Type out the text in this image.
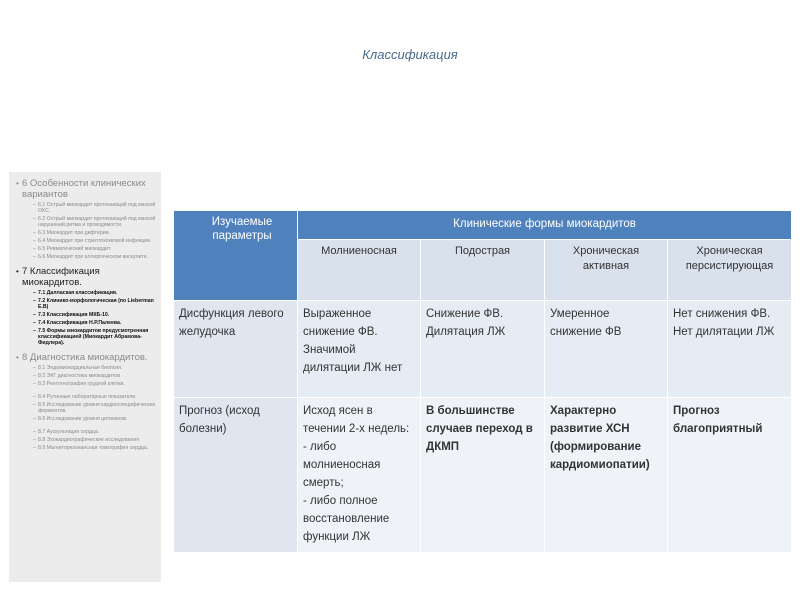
Классификация
• 6 Особенности клинических вариантов
– 6.1 Острый миокардит протекающий под маской ОКС.
– 6.2 Острый миокардит протекающий под маской нарушений ритма и проводимости.
– 6.3 Миокардит при дифтерии.
– 6.4 Миокардит при стрептококковой инфекции.
– 6.5 Ревматический миокардит.
– 6.6 Миокардит при аллергическом васкулите.
• 7 Классификация миокардитов.
– 7.1 Даллаская классификация.
– 7.2 Клинико-морфологическая (по Lieberman E.B)
– 7.3 Классификация МКБ-10.
– 7.4 Классификация Н.Р.Палеева.
– 7.5 Формы миокардитов предусмотренная классификацией (Миокардит Абрамова-Фидлера).
• 8 Диагностика миокардитов.
– 8.1 Эндомиокардиальная биопсия.
– 8.2 ЭКГ диагностика миокардитов
– 8.3 Рентгенография грудной клетки.
– 8.4 Рутинные лабораторные показатели.
– 8.5 Исследование уровня кардиоспецифических ферментов.
– 8.6 Исследование уровня цитокинов.
– 8.7 Аускультация сердца.
– 8.8 Эхокардиографические исследования
– 8.9 Магниторезонансная томография сердца.
Изучаемые параметры	Клинические формы миокардитов			
	Молниеносная	Подострая	Хроническая активная	Хроническая персистирующая
Дисфункция левого желудочка	Выраженное снижение ФВ. Значимой дилятации ЛЖ нет	Снижение ФВ. Дилятация ЛЖ	Умеренное снижение ФВ	Нет снижения ФВ. Нет дилятации ЛЖ
Прогноз (исход болезни)	Исход ясен в течении 2-х недель:
- либо молниеносная смерть;
- либо полное восстановление функции ЛЖ	В большинстве случаев переход в ДКМП	Характерно развитие ХСН (формирование кардиомиопатии)	Прогноз благоприятный
